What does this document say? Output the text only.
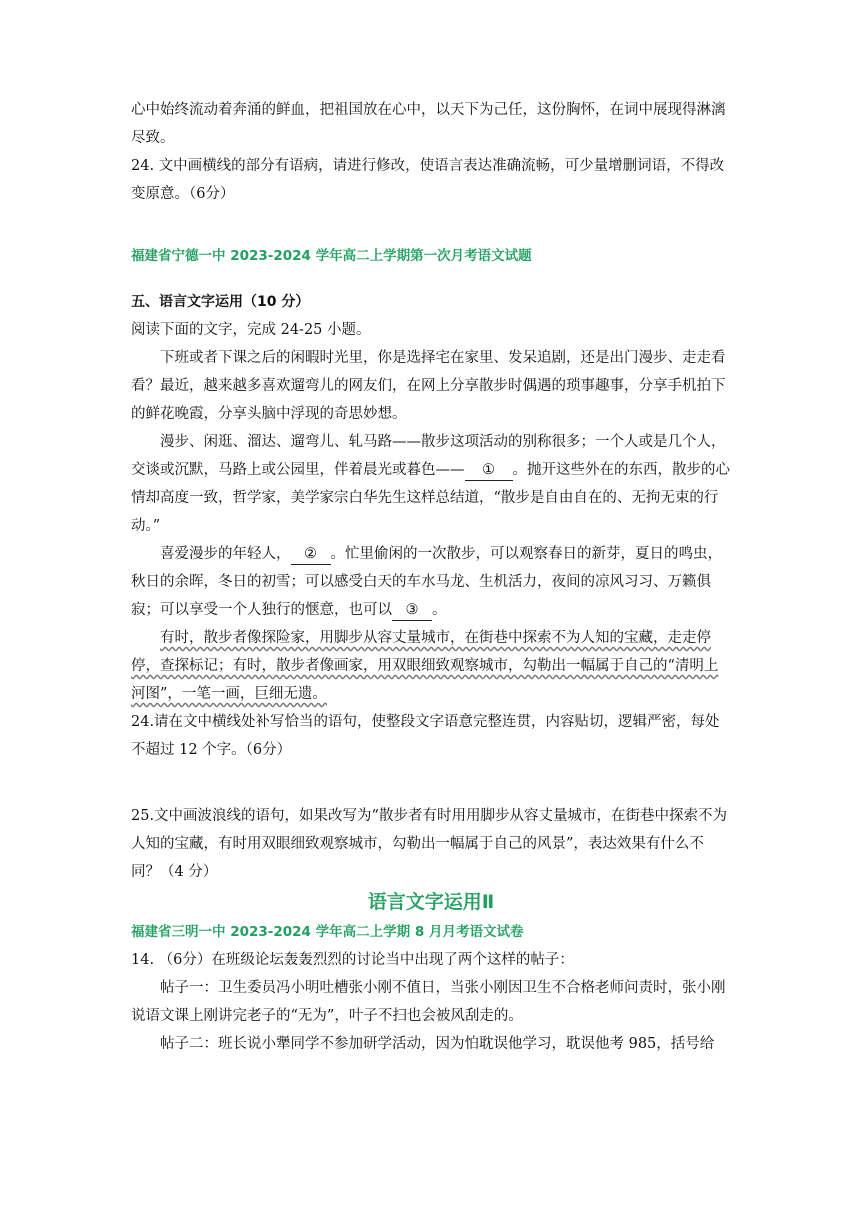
心中始终流动着奔涌的鲜血，把祖国放在心中，以天下为己任，这份胸怀，在词中展现得淋漓尽致。

24. 文中画横线的部分有语病，请进行修改，使语言表达准确流畅，可少量增删词语，不得改变原意。（6分）

福建省宁德一中 2023-2024 学年高二上学期第一次月考语文试题

五、语言文字运用（10 分）

阅读下面的文字，完成 24-25 小题。

下班或者下课之后的闲暇时光里，你是选择宅在家里、发呆追剧，还是出门漫步、走走看看？最近，越来越多喜欢遛弯儿的网友们，在网上分享散步时偶遇的琐事趣事，分享手机拍下的鲜花晚霞，分享头脑中浮现的奇思妙想。

漫步、闲逛、溜达、遛弯儿、轧马路——散步这项活动的别称很多；一个人或是几个人，交谈或沉默，马路上或公园里，伴着晨光或暮色—— ① 。抛开这些外在的东西，散步的心情却高度一致，哲学家，美学家宗白华先生这样总结道，“散步是自由自在的、无拘无束的行动。”

喜爱漫步的年轻人， ② 。忙里偷闲的一次散步，可以观察春日的新芽，夏日的鸣虫，秋日的余晖，冬日的初雪；可以感受白天的车水马龙、生机活力，夜间的凉风习习、万籁俱寂；可以享受一个人独行的惬意，也可以 ③ 。

有时，散步者像探险家，用脚步从容丈量城市，在街巷中探索不为人知的宝藏，走走停停，查探标记；有时，散步者像画家，用双眼细致观察城市，勾勒出一幅属于自己的“清明上河图”，一笔一画，巨细无遗。

24.请在文中横线处补写恰当的语句，使整段文字语意完整连贯，内容贴切，逻辑严密，每处不超过 12 个字。（6分）

25.文中画波浪线的语句，如果改写为“散步者有时用用脚步从容丈量城市，在街巷中探索不为人知的宝藏，有时用双眼细致观察城市，勾勒出一幅属于自己的风景”，表达效果有什么不同？（4 分）

语言文字运用Ⅱ

福建省三明一中 2023-2024 学年高二上学期 8 月月考语文试卷

14. （6分）在班级论坛轰轰烈烈的讨论当中出现了两个这样的帖子：

帖子一：卫生委员冯小明吐槽张小刚不值日，当张小刚因卫生不合格老师问责时，张小刚说语文课上刚讲完老子的“无为”，叶子不扫也会被风刮走的。

帖子二：班长说小犟同学不参加研学活动，因为怕耽误他学习，耽误他考 985，括号给
